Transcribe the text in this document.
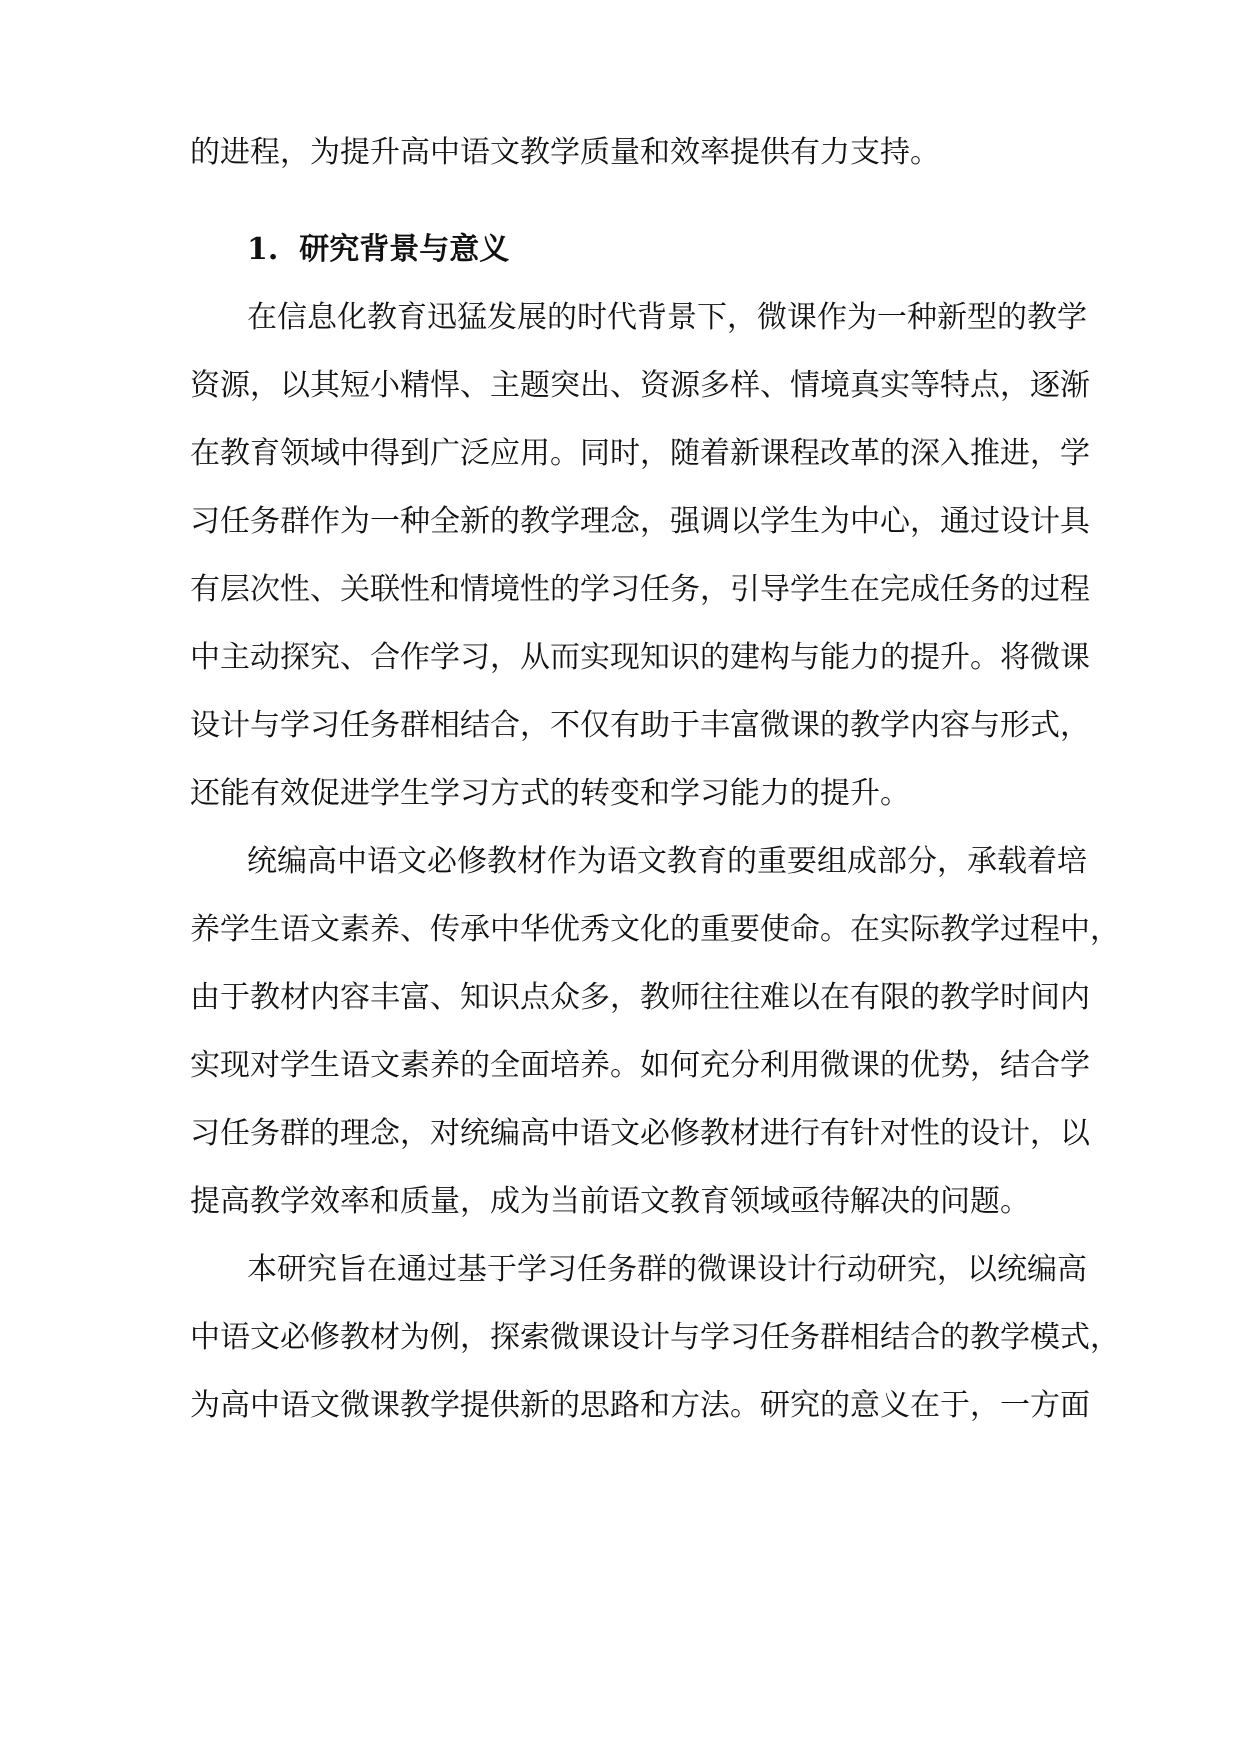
的进程，为提升高中语文教学质量和效率提供有力支持。
1. 研究背景与意义
在信息化教育迅猛发展的时代背景下，微课作为一种新型的教学
资源，以其短小精悍、主题突出、资源多样、情境真实等特点，逐渐
在教育领域中得到广泛应用。同时，随着新课程改革的深入推进，学
习任务群作为一种全新的教学理念，强调以学生为中心，通过设计具
有层次性、关联性和情境性的学习任务，引导学生在完成任务的过程
中主动探究、合作学习，从而实现知识的建构与能力的提升。将微课
设计与学习任务群相结合，不仅有助于丰富微课的教学内容与形式，
还能有效促进学生学习方式的转变和学习能力的提升。
统编高中语文必修教材作为语文教育的重要组成部分，承载着培
养学生语文素养、传承中华优秀文化的重要使命。在实际教学过程中，
由于教材内容丰富、知识点众多，教师往往难以在有限的教学时间内
实现对学生语文素养的全面培养。如何充分利用微课的优势，结合学
习任务群的理念，对统编高中语文必修教材进行有针对性的设计，以
提高教学效率和质量，成为当前语文教育领域亟待解决的问题。
本研究旨在通过基于学习任务群的微课设计行动研究，以统编高
中语文必修教材为例，探索微课设计与学习任务群相结合的教学模式，
为高中语文微课教学提供新的思路和方法。研究的意义在于，一方面
